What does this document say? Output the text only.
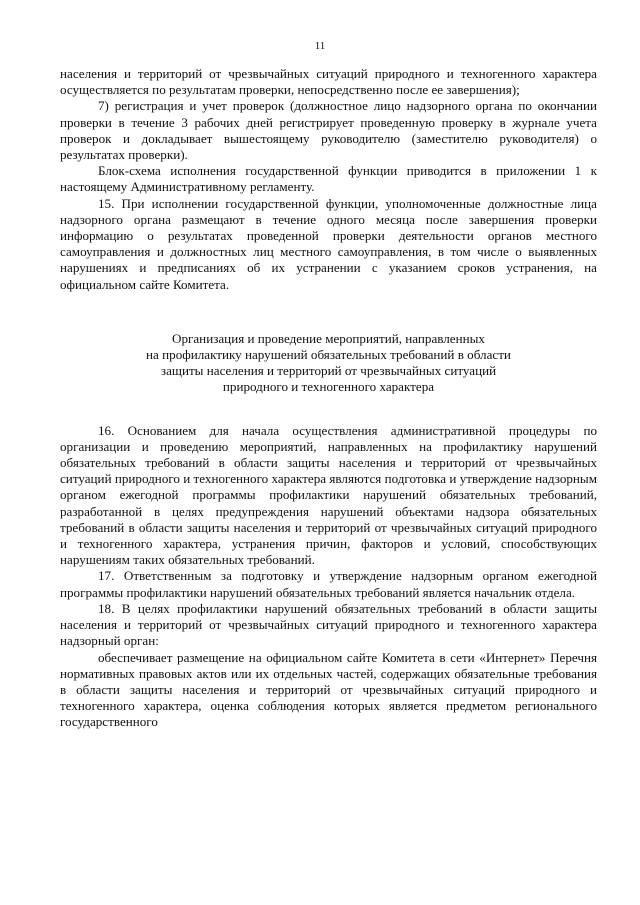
11

населения и территорий от чрезвычайных ситуаций природного и техногенного характера осуществляется по результатам проверки, непосредственно после ее завершения);

7) регистрация и учет проверок (должностное лицо надзорного органа по окончании проверки в течение 3 рабочих дней регистрирует проведенную проверку в журнале учета проверок и докладывает вышестоящему руководителю (заместителю руководителя) о результатах проверки).

Блок-схема исполнения государственной функции приводится в приложении 1 к настоящему Административному регламенту.

15. При исполнении государственной функции, уполномоченные должностные лица надзорного органа размещают в течение одного месяца после завершения проверки информацию о результатах проведенной проверки деятельности органов местного самоуправления и должностных лиц местного самоуправления, в том числе о выявленных нарушениях и предписаниях об их устранении с указанием сроков устранения, на официальном сайте Комитета.

Организация и проведение мероприятий, направленных
на профилактику нарушений обязательных требований в области
защиты населения и территорий от чрезвычайных ситуаций
природного и техногенного характера

16. Основанием для начала осуществления административной процедуры по организации и проведению мероприятий, направленных на профилактику нарушений обязательных требований в области защиты населения и территорий от чрезвычайных ситуаций природного и техногенного характера являются подготовка и утверждение надзорным органом ежегодной программы профилактики нарушений обязательных требований, разработанной в целях предупреждения нарушений объектами надзора обязательных требований в области защиты населения и территорий от чрезвычайных ситуаций природного и техногенного характера, устранения причин, факторов и условий, способствующих нарушениям таких обязательных требований.

17. Ответственным за подготовку и утверждение надзорным органом ежегодной программы профилактики нарушений обязательных требований является начальник отдела.

18. В целях профилактики нарушений обязательных требований в области защиты населения и территорий от чрезвычайных ситуаций природного и техногенного характера надзорный орган:

обеспечивает размещение на официальном сайте Комитета в сети «Интернет» Перечня нормативных правовых актов или их отдельных частей, содержащих обязательные требования в области защиты населения и территорий от чрезвычайных ситуаций природного и техногенного характера, оценка соблюдения которых является предметом регионального государственного
